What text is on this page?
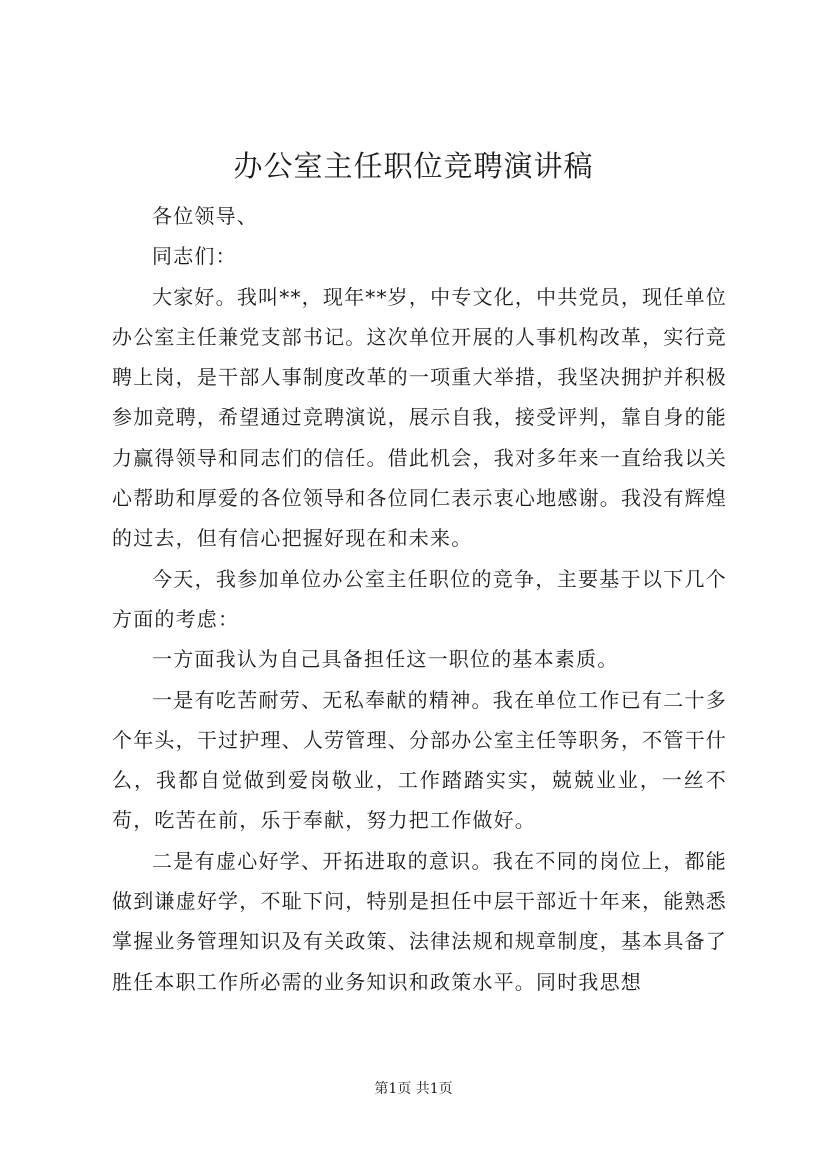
办公室主任职位竞聘演讲稿

各位领导、

同志们：

大家好。我叫**，现年**岁，中专文化，中共党员，现任单位办公室主任兼党支部书记。这次单位开展的人事机构改革，实行竞聘上岗，是干部人事制度改革的一项重大举措，我坚决拥护并积极参加竞聘，希望通过竞聘演说，展示自我，接受评判，靠自身的能力赢得领导和同志们的信任。借此机会，我对多年来一直给我以关心帮助和厚爱的各位领导和各位同仁表示衷心地感谢。我没有辉煌的过去，但有信心把握好现在和未来。

今天，我参加单位办公室主任职位的竞争，主要基于以下几个方面的考虑：

一方面我认为自己具备担任这一职位的基本素质。

一是有吃苦耐劳、无私奉献的精神。我在单位工作已有二十多个年头，干过护理、人劳管理、分部办公室主任等职务，不管干什么，我都自觉做到爱岗敬业，工作踏踏实实，兢兢业业，一丝不苟，吃苦在前，乐于奉献，努力把工作做好。

二是有虚心好学、开拓进取的意识。我在不同的岗位上，都能做到谦虚好学，不耻下问，特别是担任中层干部近十年来，能熟悉掌握业务管理知识及有关政策、法律法规和规章制度，基本具备了胜任本职工作所必需的业务知识和政策水平。同时我思想

第1页 共1页
